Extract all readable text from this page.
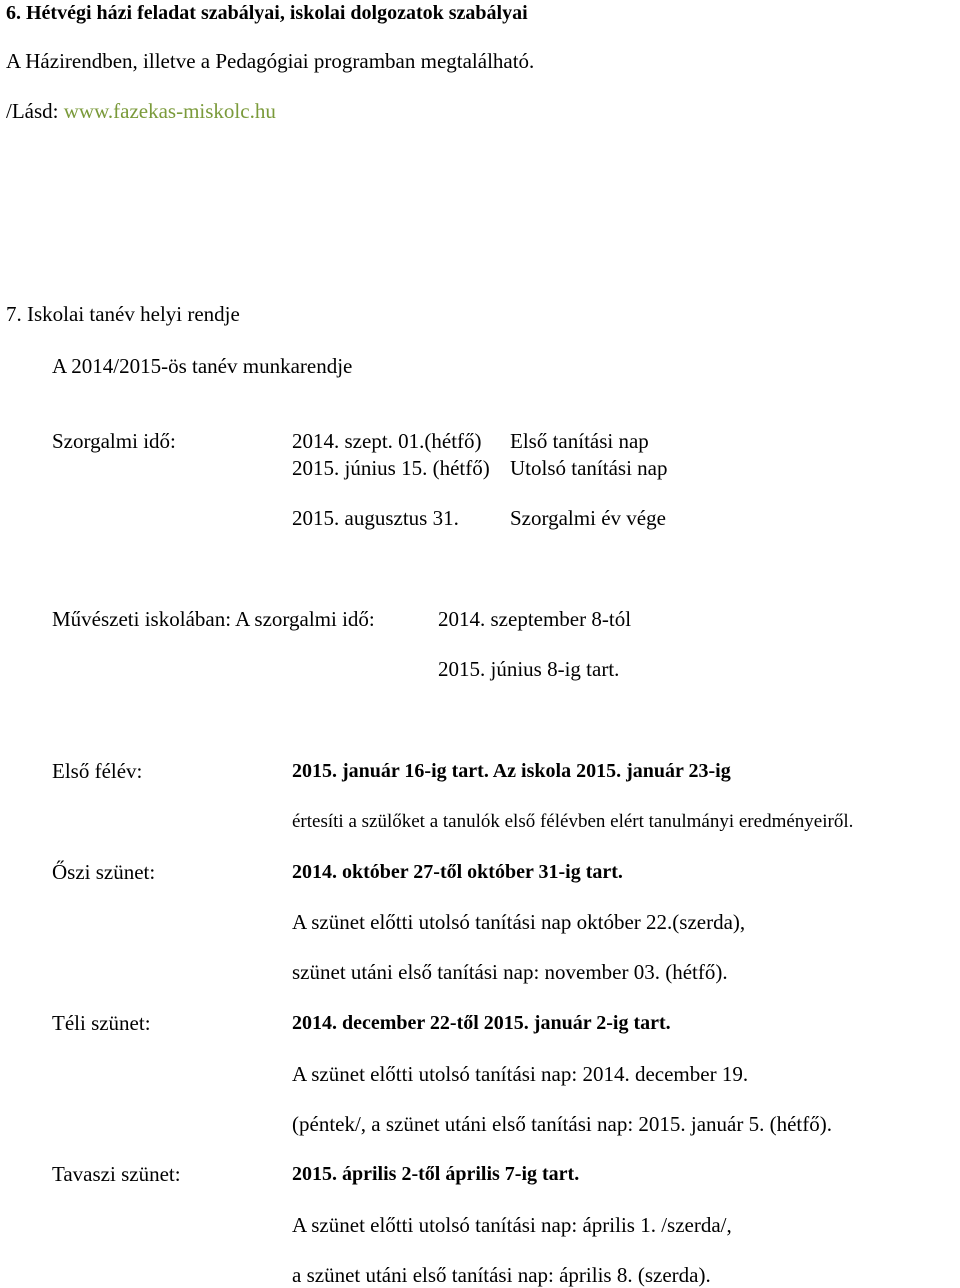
6. Hétvégi házi feladat szabályai, iskolai dolgozatok szabályai
A Házirendben, illetve a Pedagógiai programban megtalálható.
/Lásd: www.fazekas-miskolc.hu
7. Iskolai tanév helyi rendje
A 2014/2015-ös tanév munkarendje
Szorgalmi idő:	2014. szept. 01.(hétfő) Első tanítási nap
2015. június 15. (hétfő) Utolsó tanítási nap
2015. augusztus 31. Szorgalmi év vége
Művészeti iskolában: A szorgalmi idő:	2014. szeptember 8-tól
2015. június 8-ig tart.
Első félév:	2015. január 16-ig tart. Az iskola 2015. január 23-ig
értesíti a szülőket a tanulók első félévben elért tanulmányi eredményeiről.
Őszi szünet:	2014. október 27-től október 31-ig tart.
A szünet előtti utolsó tanítási nap október 22.(szerda),
szünet utáni első tanítási nap: november 03. (hétfő).
Téli szünet:	2014. december 22-től 2015. január 2-ig tart.
A szünet előtti utolsó tanítási nap: 2014. december 19.
(péntek/, a szünet utáni első tanítási nap: 2015. január 5. (hétfő).
Tavaszi szünet:	2015. április 2-től április 7-ig tart.
A szünet előtti utolsó tanítási nap: április 1. /szerda/,
a szünet utáni első tanítási nap: április 8. (szerda).
